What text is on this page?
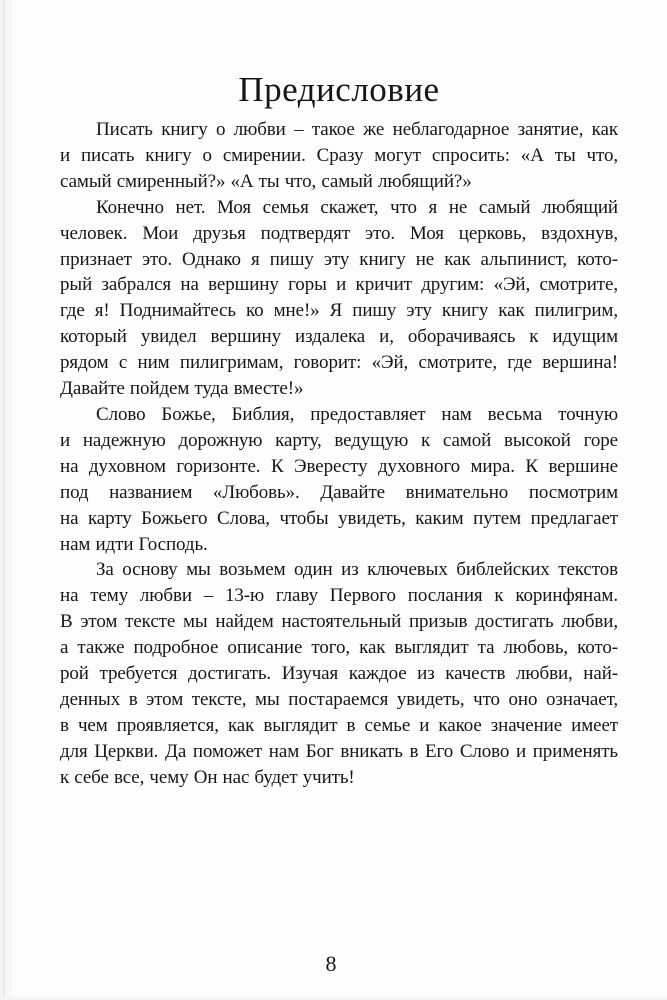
Предисловие
Писать книгу о любви – такое же неблагодарное занятие, как
и писать книгу о смирении. Сразу могут спросить: «А ты что,
самый смиренный?» «А ты что, самый любящий?»
Конечно нет. Моя семья скажет, что я не самый любящий
человек. Мои друзья подтвердят это. Моя церковь, вздохнув,
признает это. Однако я пишу эту книгу не как альпинист, кото-
рый забрался на вершину горы и кричит другим: «Эй, смотрите,
где я! Поднимайтесь ко мне!» Я пишу эту книгу как пилигрим,
который увидел вершину издалека и, оборачиваясь к идущим
рядом с ним пилигримам, говорит: «Эй, смотрите, где вершина!
Давайте пойдем туда вместе!»
Слово Божье, Библия, предоставляет нам весьма точную
и надежную дорожную карту, ведущую к самой высокой горе
на духовном горизонте. К Эвересту духовного мира. К вершине
под названием «Любовь». Давайте внимательно посмотрим
на карту Божьего Слова, чтобы увидеть, каким путем предлагает
нам идти Господь.
За основу мы возьмем один из ключевых библейских текстов
на тему любви – 13-ю главу Первого послания к коринфянам.
В этом тексте мы найдем настоятельный призыв достигать любви,
а также подробное описание того, как выглядит та любовь, кото-
рой требуется достигать. Изучая каждое из качеств любви, най-
денных в этом тексте, мы постараемся увидеть, что оно означает,
в чем проявляется, как выглядит в семье и какое значение имеет
для Церкви. Да поможет нам Бог вникать в Его Слово и применять
к себе все, чему Он нас будет учить!
8
